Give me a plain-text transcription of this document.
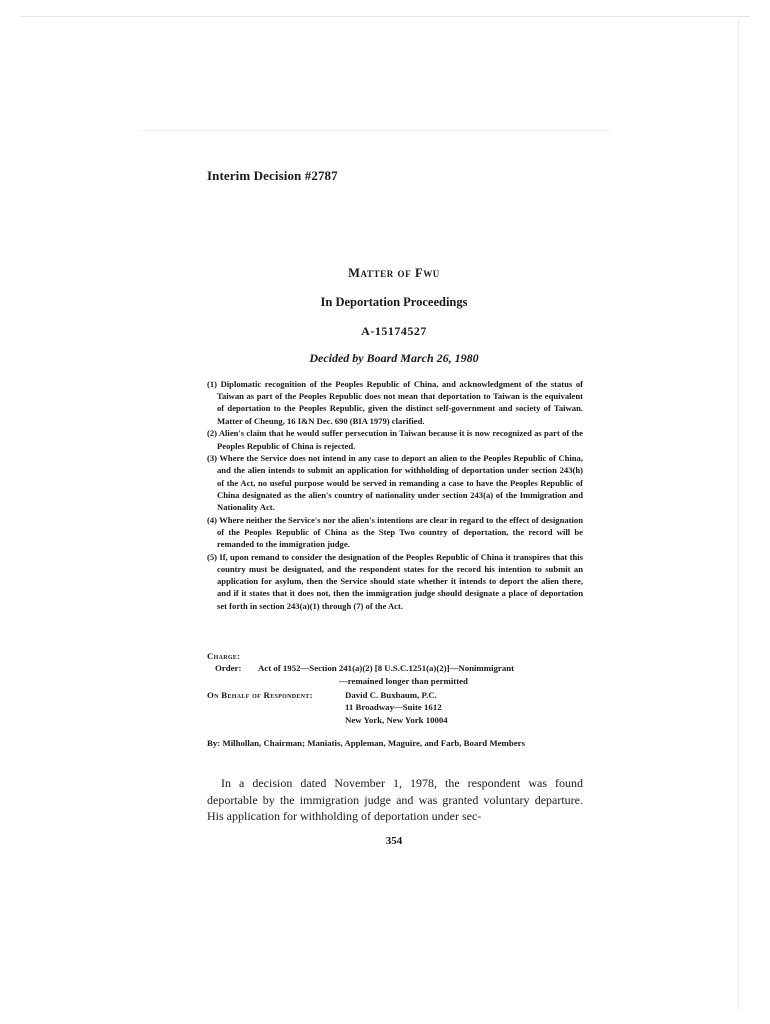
Interim Decision #2787
Matter of Fwu
In Deportation Proceedings
A-15174527
Decided by Board March 26, 1980

(1) Diplomatic recognition of the Peoples Republic of China, and acknowledgment of the status of Taiwan as part of the Peoples Republic does not mean that deportation to Taiwan is the equivalent of deportation to the Peoples Republic, given the distinct self-government and society of Taiwan. Matter of Cheung, 16 I&N Dec. 690 (BIA 1979) clarified.

(2) Alien's claim that he would suffer persecution in Taiwan because it is now recognized as part of the Peoples Republic of China is rejected.

(3) Where the Service does not intend in any case to deport an alien to the Peoples Republic of China, and the alien intends to submit an application for withholding of deportation under section 243(h) of the Act, no useful purpose would be served in remanding a case to have the Peoples Republic of China designated as the alien's country of nationality under section 243(a) of the Immigration and Nationality Act.

(4) Where neither the Service's nor the alien's intentions are clear in regard to the effect of designation of the Peoples Republic of China as the Step Two country of deportation, the record will be remanded to the immigration judge.

(5) If, upon remand to consider the designation of the Peoples Republic of China it transpires that this country must be designated, and the respondent states for the record his intention to submit an application for asylum, then the Service should state whether it intends to deport the alien there, and if it states that it does not, then the immigration judge should designate a place of deportation set forth in section 243(a)(1) through (7) of the Act.

Charge:
Order:	Act of 1952—Section 241(a)(2) [8 U.S.C.1251(a)(2)]—Nonimmigrant
—remained longer than permitted
On Behalf of Respondent:	David C. Buxbaum, P.C.
11 Broadway—Suite 1612
New York, New York 10004
By: Milhollan, Chairman; Maniatis, Appleman, Maguire, and Farb, Board Members

In a decision dated November 1, 1978, the respondent was found deportable by the immigration judge and was granted voluntary departure. His application for withholding of deportation under sec-

354
